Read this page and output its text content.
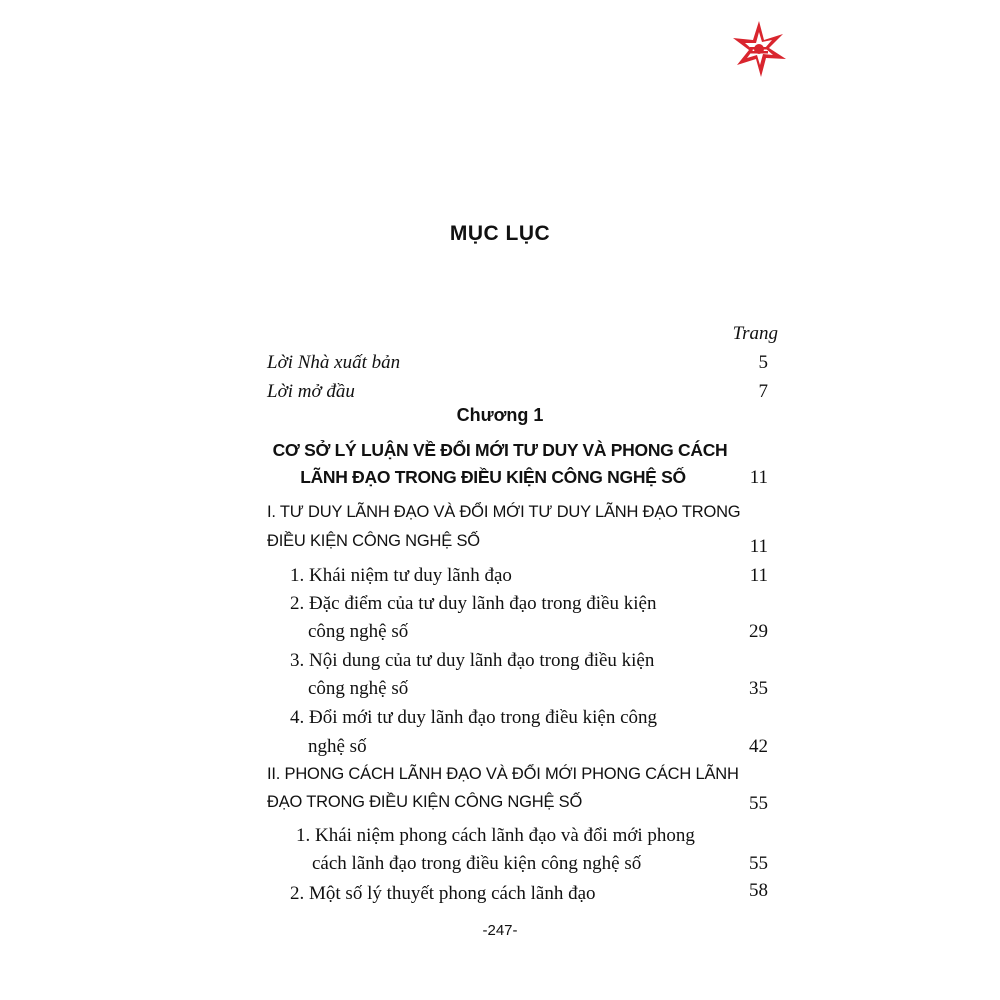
MỤC LỤC
Trang
Lời Nhà xuất bản	5
Lời mở đầu	7
Chương 1
CƠ SỞ LÝ LUẬN VỀ ĐỔI MỚI TƯ DUY VÀ PHONG CÁCH
LÃNH ĐẠO TRONG ĐIỀU KIỆN CÔNG NGHỆ SỐ	11
I. TƯ DUY LÃNH ĐẠO VÀ ĐỔI MỚI TƯ DUY LÃNH ĐẠO TRONG
ĐIỀU KIỆN CÔNG NGHỆ SỐ	11
1. Khái niệm tư duy lãnh đạo	11
2. Đặc điểm của tư duy lãnh đạo trong điều kiện
công nghệ số	29
3. Nội dung của tư duy lãnh đạo trong điều kiện
công nghệ số	35
4. Đổi mới tư duy lãnh đạo trong điều kiện công
nghệ số	42
II. PHONG CÁCH LÃNH ĐẠO VÀ ĐỔI MỚI PHONG CÁCH LÃNH
ĐẠO TRONG ĐIỀU KIỆN CÔNG NGHỆ SỐ	55
1. Khái niệm phong cách lãnh đạo và đổi mới phong
cách lãnh đạo trong điều kiện công nghệ số	55
2. Một số lý thuyết phong cách lãnh đạo	58
-247-
